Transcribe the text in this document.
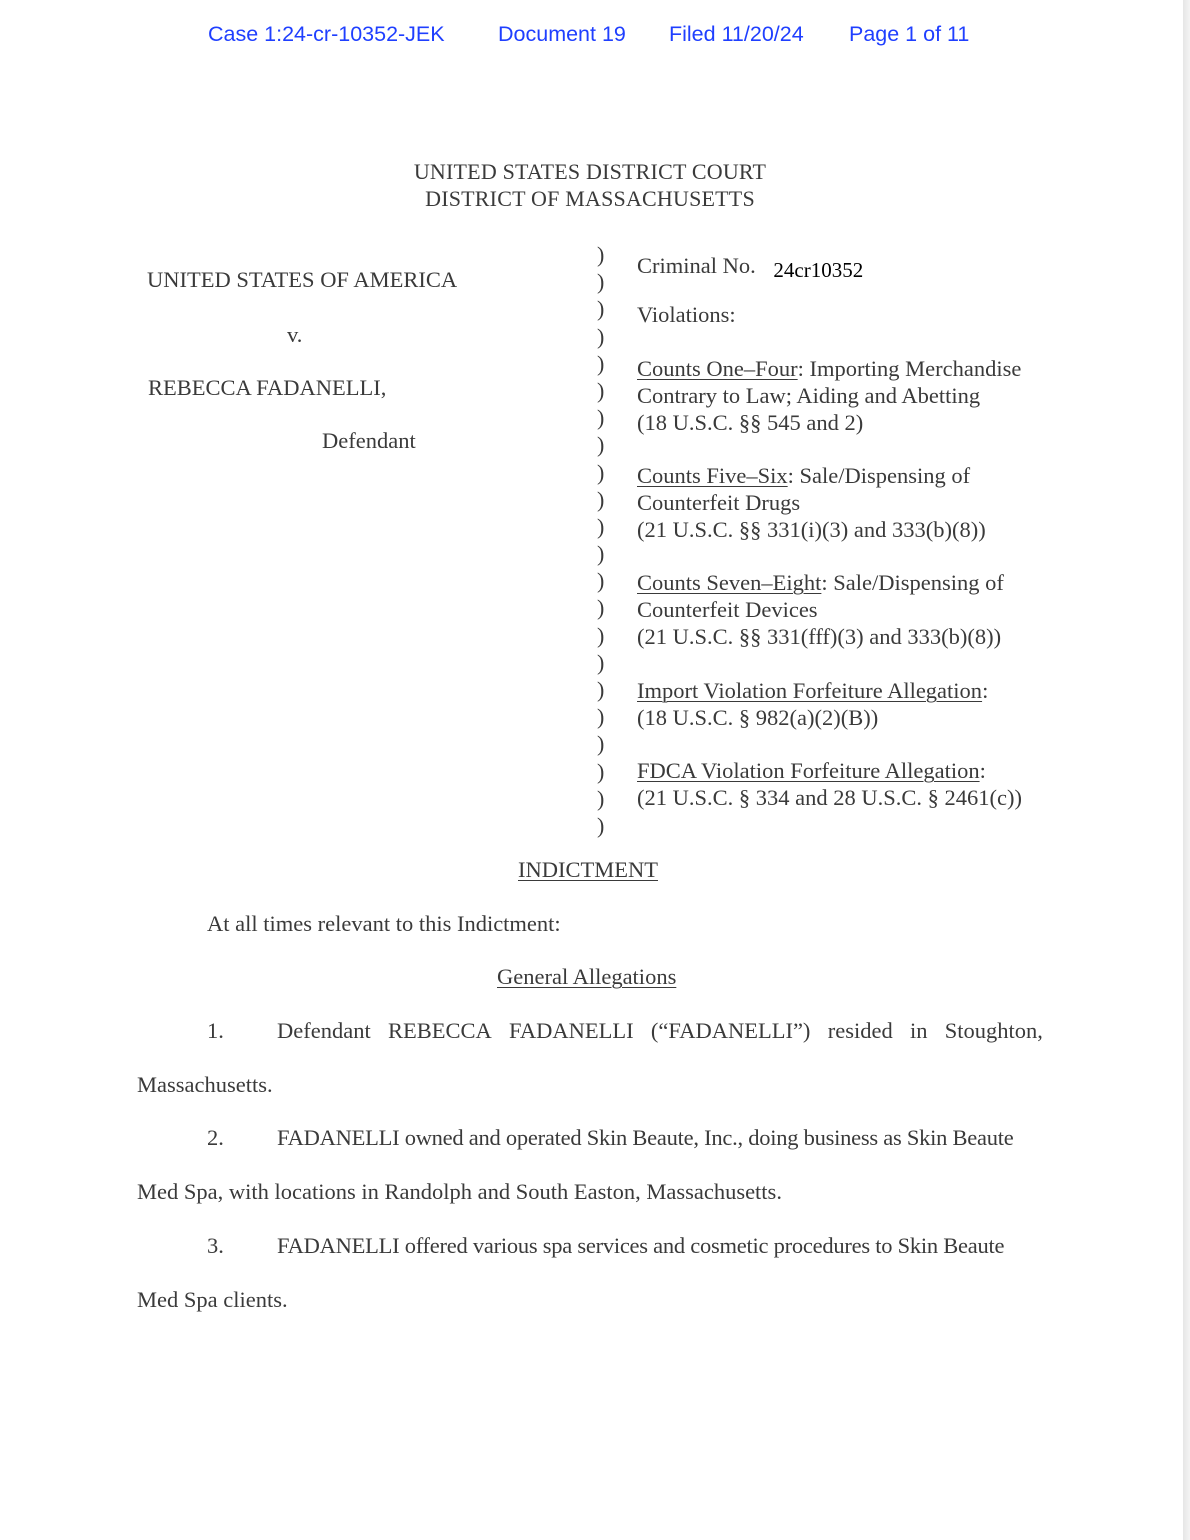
Case 1:24-cr-10352-JEK Document 19 Filed 11/20/24 Page 1 of 11
UNITED STATES DISTRICT COURT
DISTRICT OF MASSACHUSETTS
UNITED STATES OF AMERICA
v.
REBECCA FADANELLI,
Defendant
)
)
)
)
)
)
)
)
)
)
)
)
)
)
)
)
)
)
)
)
)
)
Criminal No. 24cr10352
Violations:
Counts One–Four: Importing Merchandise
Contrary to Law; Aiding and Abetting
(18 U.S.C. §§ 545 and 2)
Counts Five–Six: Sale/Dispensing of
Counterfeit Drugs
(21 U.S.C. §§ 331(i)(3) and 333(b)(8))
Counts Seven–Eight: Sale/Dispensing of
Counterfeit Devices
(21 U.S.C. §§ 331(fff)(3) and 333(b)(8))
Import Violation Forfeiture Allegation:
(18 U.S.C. § 982(a)(2)(B))
FDCA Violation Forfeiture Allegation:
(21 U.S.C. § 334 and 28 U.S.C. § 2461(c))
INDICTMENT
At all times relevant to this Indictment:
General Allegations
1. Defendant REBECCA FADANELLI (“FADANELLI”) resided in Stoughton,
Massachusetts.
2. FADANELLI owned and operated Skin Beaute, Inc., doing business as Skin Beaute
Med Spa, with locations in Randolph and South Easton, Massachusetts.
3. FADANELLI offered various spa services and cosmetic procedures to Skin Beaute
Med Spa clients.
